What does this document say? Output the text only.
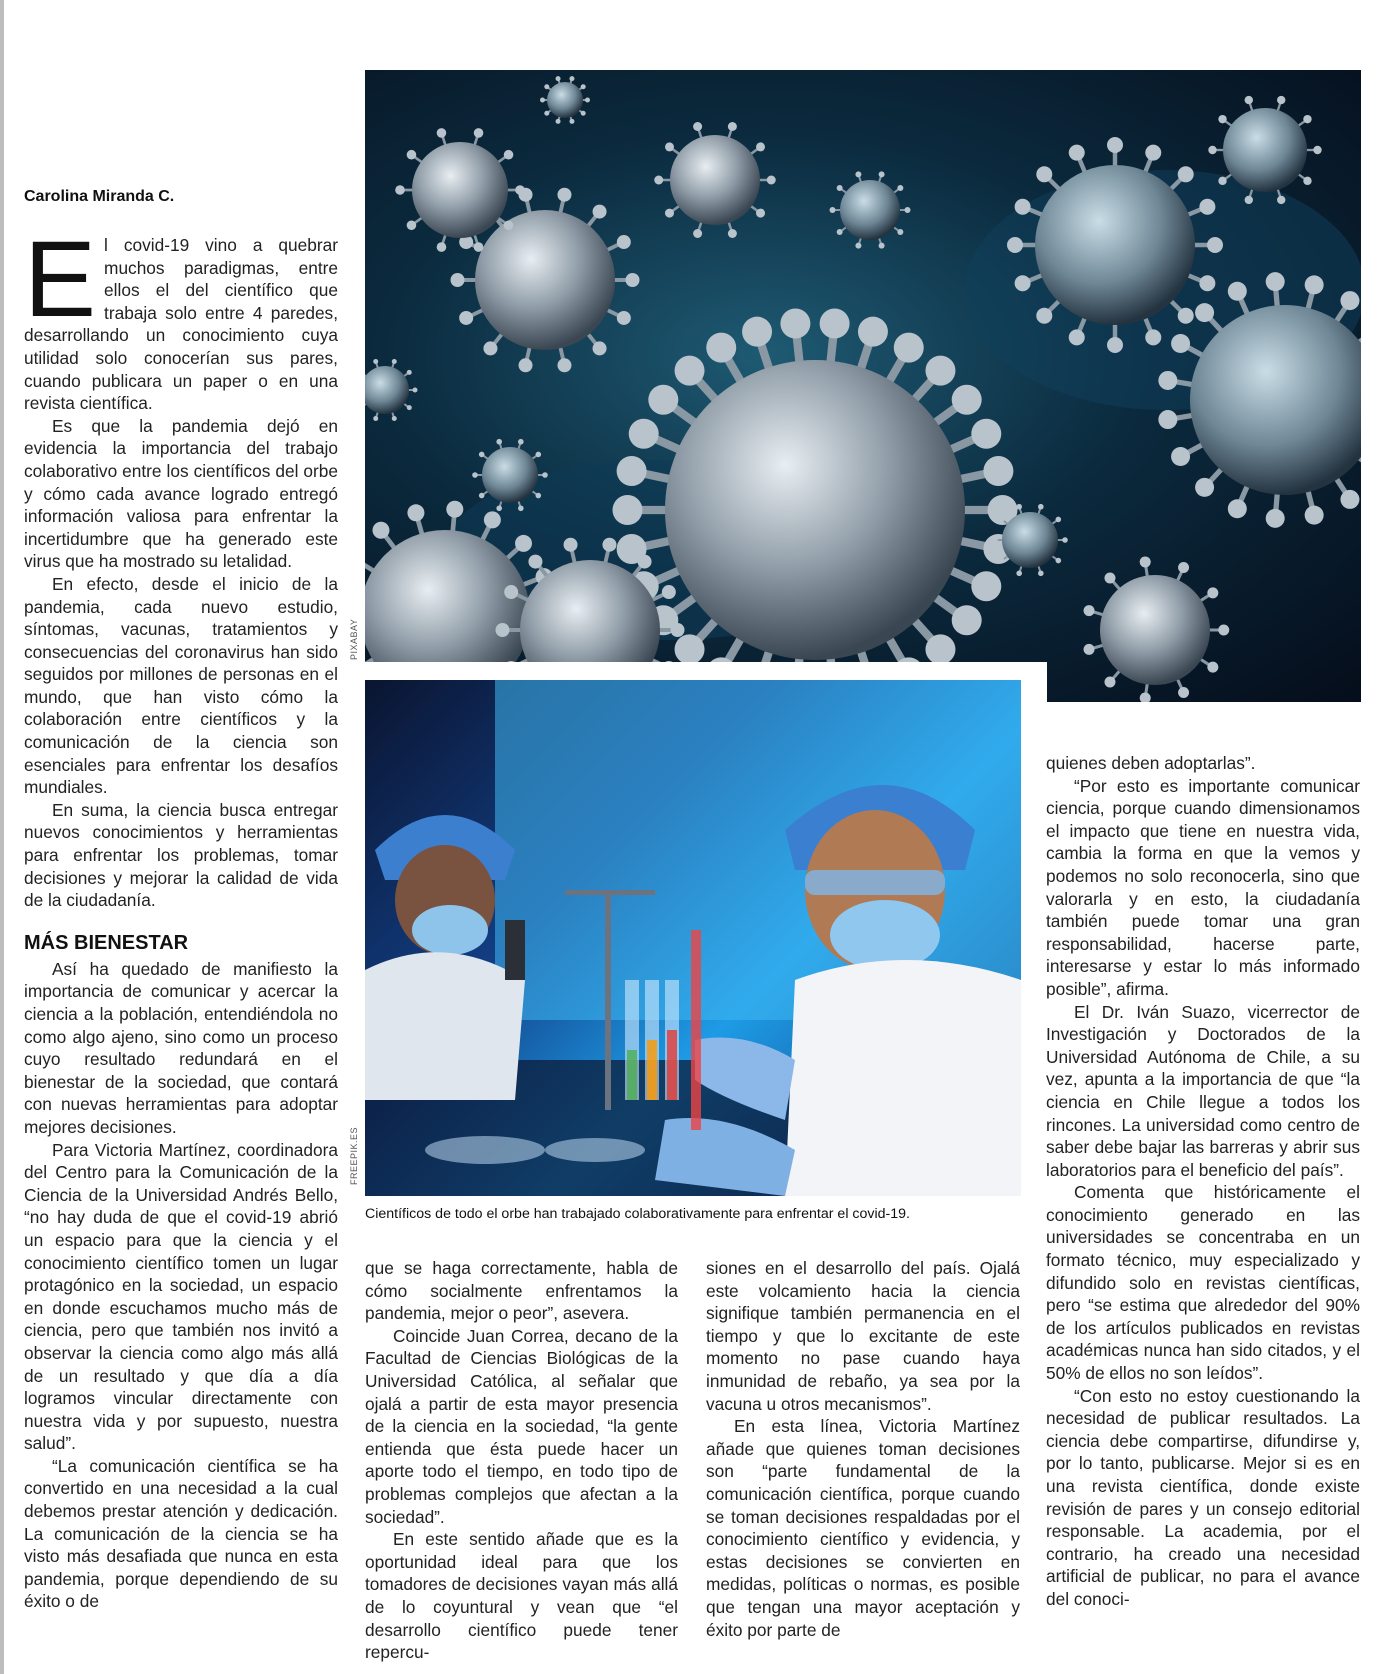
Carolina Miranda C.

El covid-19 vino a quebrar muchos paradigmas, entre ellos el del científico que trabaja solo entre 4 paredes, desarrollando un conocimiento cuya utilidad solo conocerían sus pares, cuando publicara un paper o en una revista científica.

Es que la pandemia dejó en evidencia la importancia del trabajo colaborativo entre los científicos del orbe y cómo cada avance logrado entregó información valiosa para enfrentar la incertidumbre que ha generado este virus que ha mostrado su letalidad.

En efecto, desde el inicio de la pandemia, cada nuevo estudio, síntomas, vacunas, tratamientos y consecuencias del coronavirus han sido seguidos por millones de personas en el mundo, que han visto cómo la colaboración entre científicos y la comunicación de la ciencia son esenciales para enfrentar los desafíos mundiales.

En suma, la ciencia busca entregar nuevos conocimientos y herramientas para enfrentar los problemas, tomar decisiones y mejorar la calidad de vida de la ciudadanía.

MÁS BIENESTAR

Así ha quedado de manifiesto la importancia de comunicar y acercar la ciencia a la población, entendiéndola no como algo ajeno, sino como un proceso cuyo resultado redundará en el bienestar de la sociedad, que contará con nuevas herramientas para adoptar mejores decisiones.

Para Victoria Martínez, coordinadora del Centro para la Comunicación de la Ciencia de la Universidad Andrés Bello, “no hay duda de que el covid-19 abrió un espacio para que la ciencia y el conocimiento científico tomen un lugar protagónico en la sociedad, un espacio en donde escuchamos mucho más de ciencia, pero que también nos invitó a observar la ciencia como algo más allá de un resultado y que día a día logramos vincular directamente con nuestra vida y por supuesto, nuestra salud”.

“La comunicación científica se ha convertido en una necesidad a la cual debemos prestar atención y dedicación. La comunicación de la ciencia se ha visto más desafiada que nunca en esta pandemia, porque dependiendo de su éxito o de

PIXABAY
FREEPIK.ES
Científicos de todo el orbe han trabajado colaborativamente para enfrentar el covid-19.

que se haga correctamente, habla de cómo socialmente enfrentamos la pandemia, mejor o peor”, asevera.

Coincide Juan Correa, decano de la Facultad de Ciencias Biológicas de la Universidad Católica, al señalar que ojalá a partir de esta mayor presencia de la ciencia en la sociedad, “la gente entienda que ésta puede hacer un aporte todo el tiempo, en todo tipo de problemas complejos que afectan a la sociedad”.

En este sentido añade que es la oportunidad ideal para que los tomadores de decisiones vayan más allá de lo coyuntural y vean que “el desarrollo científico puede tener repercu-

siones en el desarrollo del país. Ojalá este volcamiento hacia la ciencia signifique también permanencia en el tiempo y que lo excitante de este momento no pase cuando haya inmunidad de rebaño, ya sea por la vacuna u otros mecanismos”.

En esta línea, Victoria Martínez añade que quienes toman decisiones son “parte fundamental de la comunicación científica, porque cuando se toman decisiones respaldadas por el conocimiento científico y evidencia, y estas decisiones se convierten en medidas, políticas o normas, es posible que tengan una mayor aceptación y éxito por parte de

quienes deben adoptarlas”.

“Por esto es importante comunicar ciencia, porque cuando dimensionamos el impacto que tiene en nuestra vida, cambia la forma en que la vemos y podemos no solo reconocerla, sino que valorarla y en esto, la ciudadanía también puede tomar una gran responsabilidad, hacerse parte, interesarse y estar lo más informado posible”, afirma.

El Dr. Iván Suazo, vicerrector de Investigación y Doctorados de la Universidad Autónoma de Chile, a su vez, apunta a la importancia de que “la ciencia en Chile llegue a todos los rincones. La universidad como centro de saber debe bajar las barreras y abrir sus laboratorios para el beneficio del país”.

Comenta que históricamente el conocimiento generado en las universidades se concentraba en un formato técnico, muy especializado y difundido solo en revistas científicas, pero “se estima que alrededor del 90% de los artículos publicados en revistas académicas nunca han sido citados, y el 50% de ellos no son leídos”.

“Con esto no estoy cuestionando la necesidad de publicar resultados. La ciencia debe compartirse, difundirse y, por lo tanto, publicarse. Mejor si es en una revista científica, donde existe revisión de pares y un consejo editorial responsable. La academia, por el contrario, ha creado una necesidad artificial de publicar, no para el avance del conoci-
